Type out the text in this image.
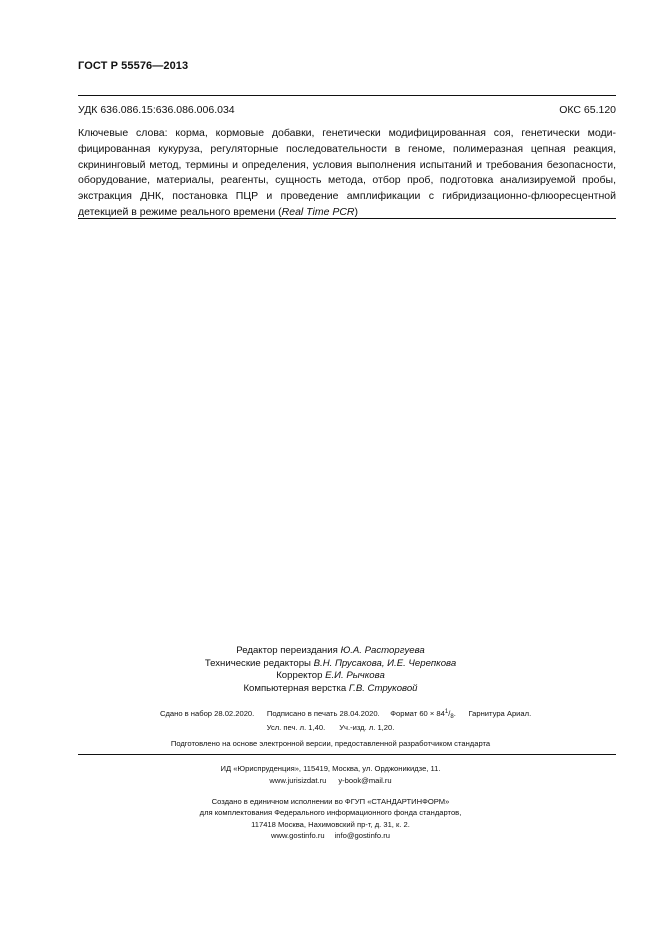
ГОСТ Р 55576—2013
УДК 636.086.15:636.086.006.034	ОКС 65.120
Ключевые слова: корма, кормовые добавки, генетически модифицированная соя, генетически модифицированная кукуруза, регуляторные последовательности в геноме, полимеразная цепная реакция, скрининговый метод, термины и определения, условия выполнения испытаний и требования безопасности, оборудование, материалы, реагенты, сущность метода, отбор проб, подготовка анализируемой пробы, экстракция ДНК, постановка ПЦР и проведение амплификации с гибридизационно-флюоресцентной детекцией в режиме реального времени (Real Time PCR)
Редактор переиздания Ю.А. Расторгуева
Технические редакторы В.Н. Прусакова, И.Е. Черепкова
Корректор Е.И. Рычкова
Компьютерная верстка Г.В. Струковой
Сдано в набор 28.02.2020. Подписано в печать 28.04.2020. Формат $60 \times 84^1/_8$. Гарнитура Ариал.
Усл. печ. л. 1,40. Уч.-изд. л. 1,20.
Подготовлено на основе электронной версии, предоставленной разработчиком стандарта
ИД «Юриспруденция», 115419, Москва, ул. Орджоникидзе, 11.
www.jurisizdat.ru y-book@mail.ru
Создано в единичном исполнении во ФГУП «СТАНДАРТИНФОРМ»
для комплектования Федерального информационного фонда стандартов,
117418 Москва, Нахимовский пр-т, д. 31, к. 2.
www.gostinfo.ru info@gostinfo.ru
